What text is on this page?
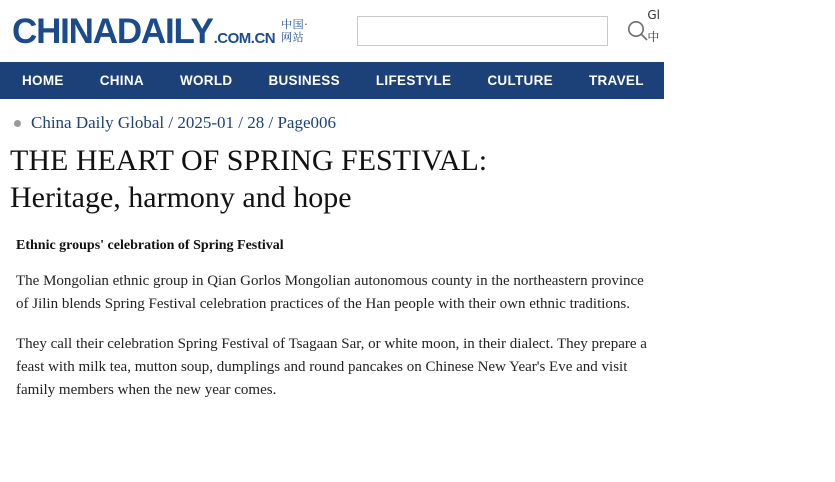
CHINADAILY .COM.CN
中国·网站
Gl
中
HOME	CHINA	WORLD	BUSINESS	LIFESTYLE	CULTURE	TRAVEL	VIDEO	SPORTS
China Daily Global / 2025-01 / 28 / Page006
THE HEART OF SPRING FESTIVAL:
Heritage, harmony and hope
Ethnic groups' celebration of Spring Festival

The Mongolian ethnic group in Qian Gorlos Mongolian autonomous county in the northeastern province of Jilin blends Spring Festival celebration practices of the Han people with their own ethnic traditions.

They call their celebration Spring Festival of Tsagaan Sar, or white moon, in their dialect. They prepare a feast with milk tea, mutton soup, dumplings and round pancakes on Chinese New Year's Eve and visit family members when the new year comes.
